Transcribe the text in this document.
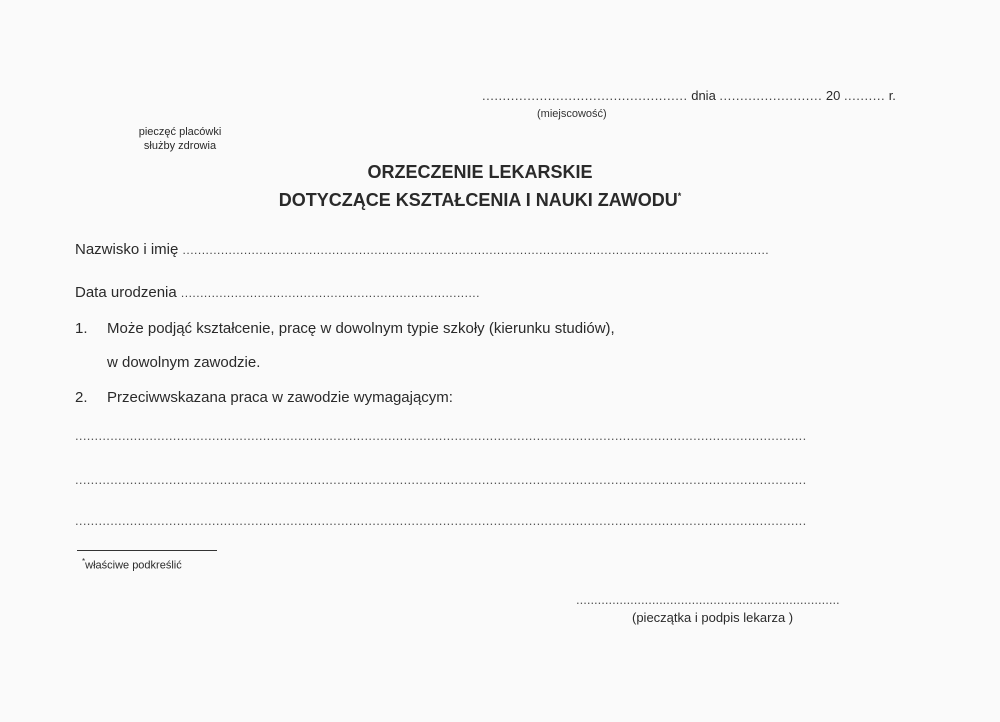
.................................................. dnia ......................... 20 .......... r.
(miejscowość)
pieczęć placówki
służby zdrowia
ORZECZENIE LEKARSKIE
DOTYCZĄCE KSZTAŁCENIA I NAUKI ZAWODU*
Nazwisko i imię .........................................................................................................................................................
Data urodzenia ..............................................................................
1. Może podjąć kształcenie, pracę w dowolnym typie szkoły (kierunku studiów),
w dowolnym zawodzie.
2. Przeciwwskazana praca w zawodzie wymagającym:
...........................................................................................................................................................................................
...........................................................................................................................................................................................
...........................................................................................................................................................................................
*właściwe podkreślić
.........................................................................
(pieczątka i podpis lekarza )
